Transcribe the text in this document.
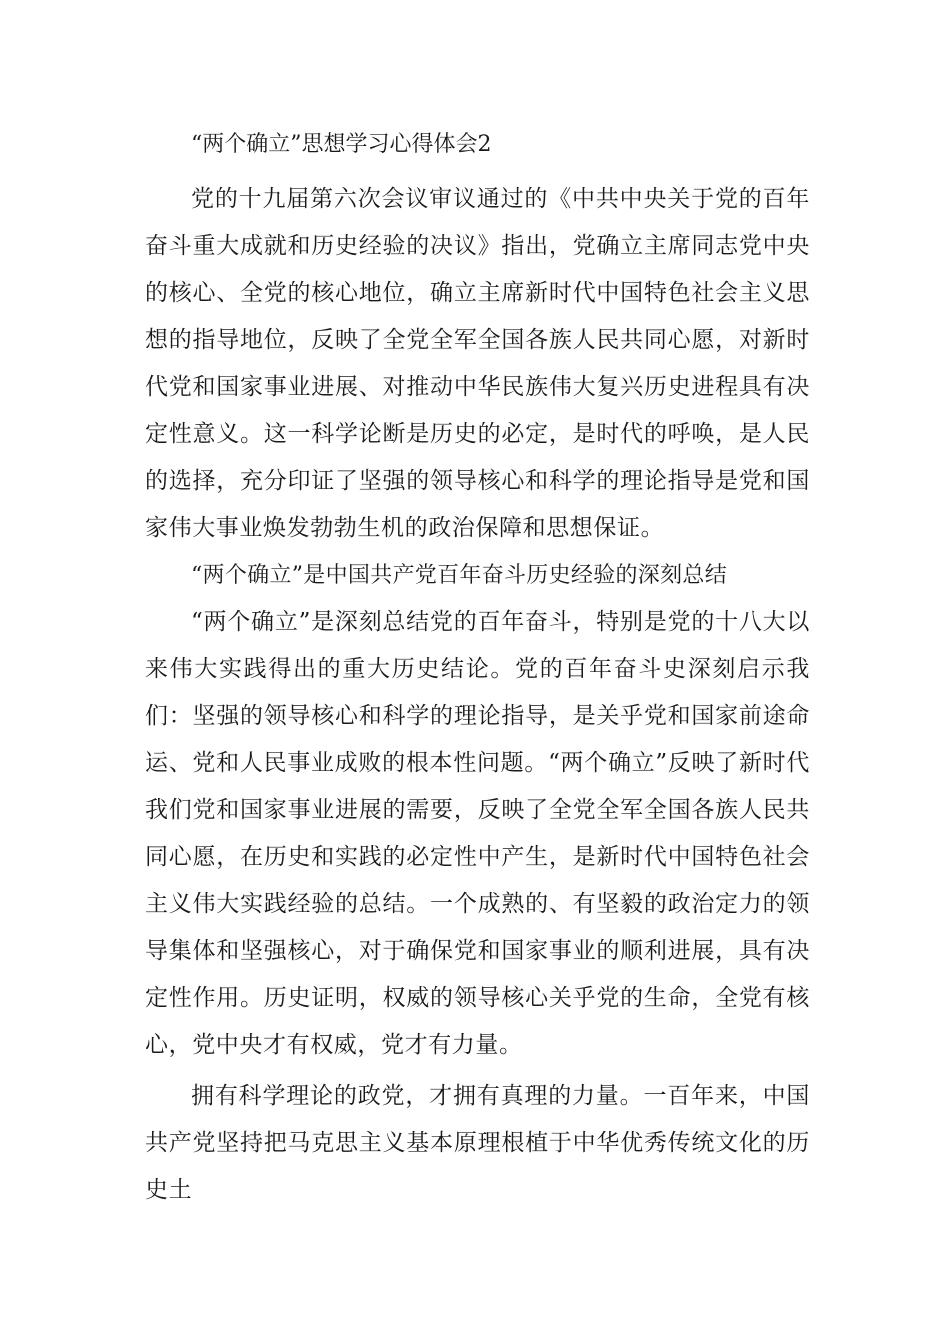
“两个确立”思想学习心得体会2

党的十九届第六次会议审议通过的《中共中央关于党的百年奋斗重大成就和历史经验的决议》指出，党确立主席同志党中央的核心、全党的核心地位，确立主席新时代中国特色社会主义思想的指导地位，反映了全党全军全国各族人民共同心愿，对新时代党和国家事业进展、对推动中华民族伟大复兴历史进程具有决定性意义。这一科学论断是历史的必定，是时代的呼唤，是人民的选择，充分印证了坚强的领导核心和科学的理论指导是党和国家伟大事业焕发勃勃生机的政治保障和思想保证。

“两个确立”是中国共产党百年奋斗历史经验的深刻总结

“两个确立”是深刻总结党的百年奋斗，特别是党的十八大以来伟大实践得出的重大历史结论。党的百年奋斗史深刻启示我们：坚强的领导核心和科学的理论指导，是关乎党和国家前途命运、党和人民事业成败的根本性问题。“两个确立”反映了新时代我们党和国家事业进展的需要，反映了全党全军全国各族人民共同心愿，在历史和实践的必定性中产生，是新时代中国特色社会主义伟大实践经验的总结。一个成熟的、有坚毅的政治定力的领导集体和坚强核心，对于确保党和国家事业的顺利进展，具有决定性作用。历史证明，权威的领导核心关乎党的生命，全党有核心，党中央才有权威，党才有力量。

拥有科学理论的政党，才拥有真理的力量。一百年来，中国共产党坚持把马克思主义基本原理根植于中华优秀传统文化的历史土
